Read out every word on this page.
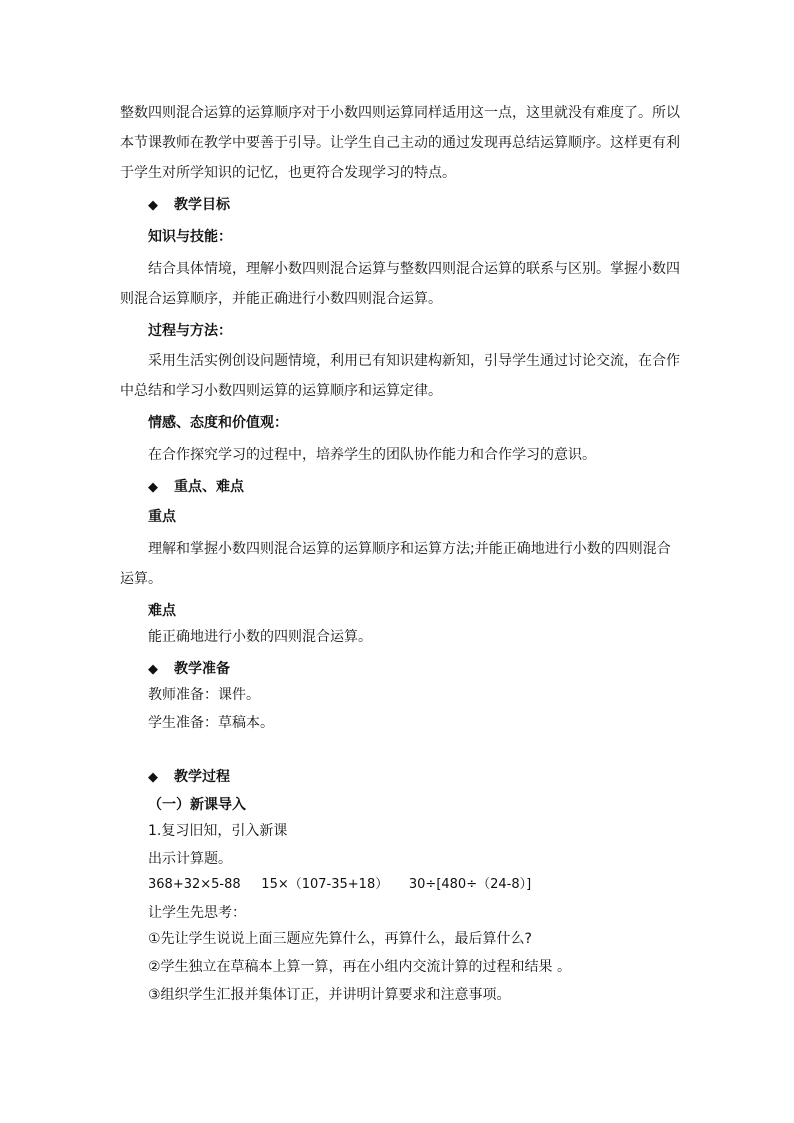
整数四则混合运算的运算顺序对于小数四则运算同样适用这一点，这里就没有难度了。所以

本节课教师在教学中要善于引导。让学生自己主动的通过发现再总结运算顺序。这样更有利

于学生对所学知识的记忆，也更符合发现学习的特点。

◆ 教学目标

知识与技能：

结合具体情境，理解小数四则混合运算与整数四则混合运算的联系与区别。掌握小数四

则混合运算顺序，并能正确进行小数四则混合运算。

过程与方法：

采用生活实例创设问题情境，利用已有知识建构新知，引导学生通过讨论交流，在合作

中总结和学习小数四则运算的运算顺序和运算定律。

情感、态度和价值观：

在合作探究学习的过程中，培养学生的团队协作能力和合作学习的意识。

◆ 重点、难点

重点

理解和掌握小数四则混合运算的运算顺序和运算方法;并能正确地进行小数的四则混合

运算。

难点

能正确地进行小数的四则混合运算。

◆ 教学准备

教师准备：课件。

学生准备：草稿本。

◆ 教学过程

（一）新课导入

1.复习旧知，引入新课

出示计算题。

368+32×5-88     15×（107-35+18）     30÷[480÷（24-8）]

让学生先思考：

①先让学生说说上面三题应先算什么，再算什么，最后算什么?

②学生独立在草稿本上算一算，再在小组内交流计算的过程和结果 。

③组织学生汇报并集体订正，并讲明计算要求和注意事项。
